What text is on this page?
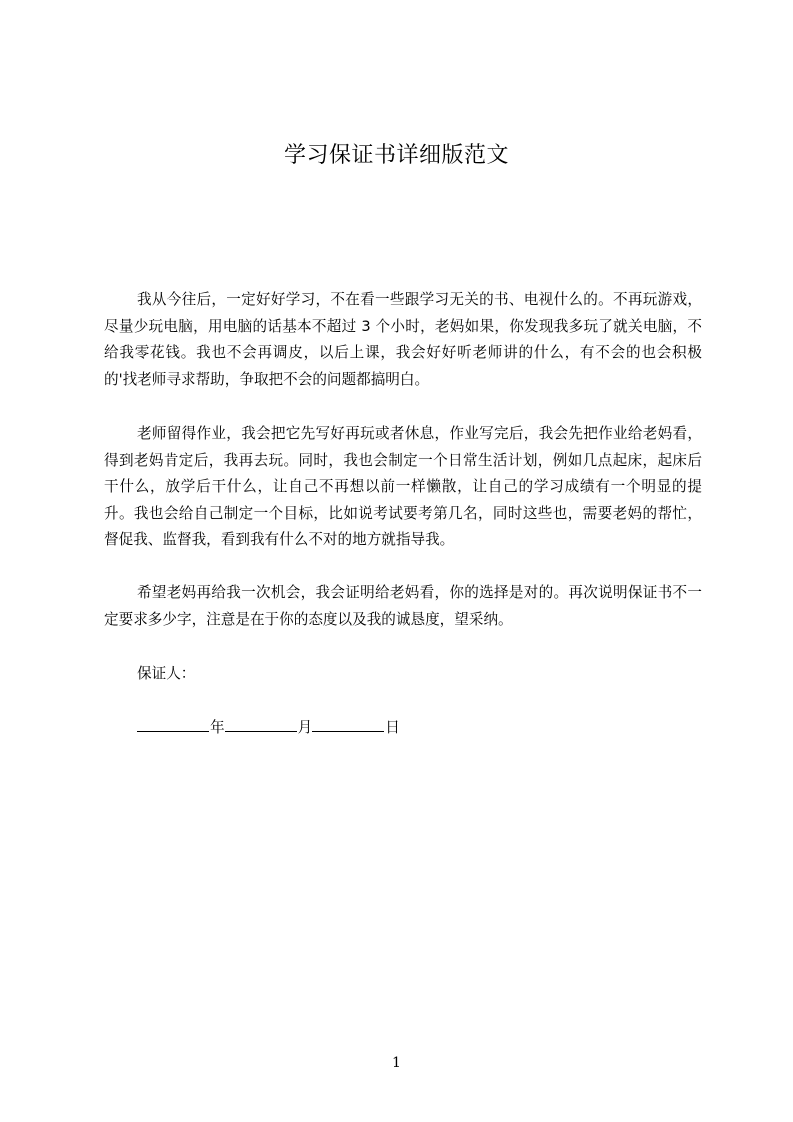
学习保证书详细版范文

我从今往后，一定好好学习，不在看一些跟学习无关的书、电视什么的。不再玩游戏，尽量少玩电脑，用电脑的话基本不超过 3 个小时，老妈如果，你发现我多玩了就关电脑，不给我零花钱。我也不会再调皮，以后上课，我会好好听老师讲的什么，有不会的也会积极的'找老师寻求帮助，争取把不会的问题都搞明白。

老师留得作业，我会把它先写好再玩或者休息，作业写完后，我会先把作业给老妈看，得到老妈肯定后，我再去玩。同时，我也会制定一个日常生活计划，例如几点起床，起床后干什么，放学后干什么，让自己不再想以前一样懒散，让自己的学习成绩有一个明显的提升。我也会给自己制定一个目标，比如说考试要考第几名，同时这些也，需要老妈的帮忙，督促我、监督我，看到我有什么不对的地方就指导我。

希望老妈再给我一次机会，我会证明给老妈看，你的选择是对的。再次说明保证书不一定要求多少字，注意是在于你的态度以及我的诚恳度，望采纳。

保证人：
年	月	日
1
